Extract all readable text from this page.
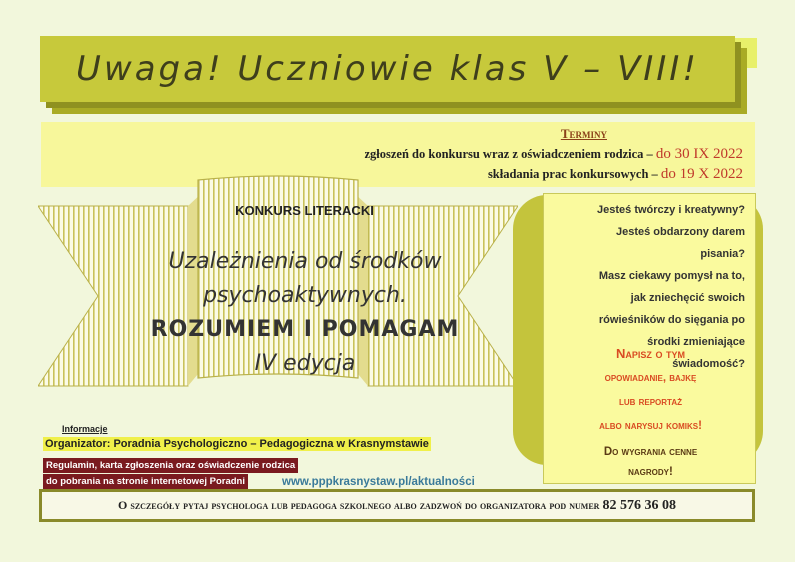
Uwaga! Uczniowie klas V – VIII!
Terminy
zgłoszeń do konkursu wraz z oświadczeniem rodzica – do 30 IX 2022
składania prac konkursowych – do 19 X 2022
KONKURS LITERACKI
Uzależnienia od środków
psychoaktywnych.
ROZUMIEM I POMAGAM
IV edycja
Jesteś twórczy i kreatywny?
Jesteś obdarzony darem
pisania?
Masz ciekawy pomysł na to,
jak zniechęcić swoich
rówieśników do sięgania po
środki zmieniające
świadomość?
Napisz o tym
opowiadanie, bajkę
lub reportaż
albo narysuj komiks!
Do wygrania cenne
nagrody!
Informacje
Organizator: Poradnia Psychologiczno – Pedagogiczna w Krasnymstawie
Regulamin, karta zgłoszenia oraz oświadczenie rodzica
do pobrania na stronie internetowej Poradni	www.pppkrasnystaw.pl/aktualności
O szczegóły pytaj psychologa lub pedagoga szkolnego albo zadzwoń do organizatora pod numer 82 576 36 08
